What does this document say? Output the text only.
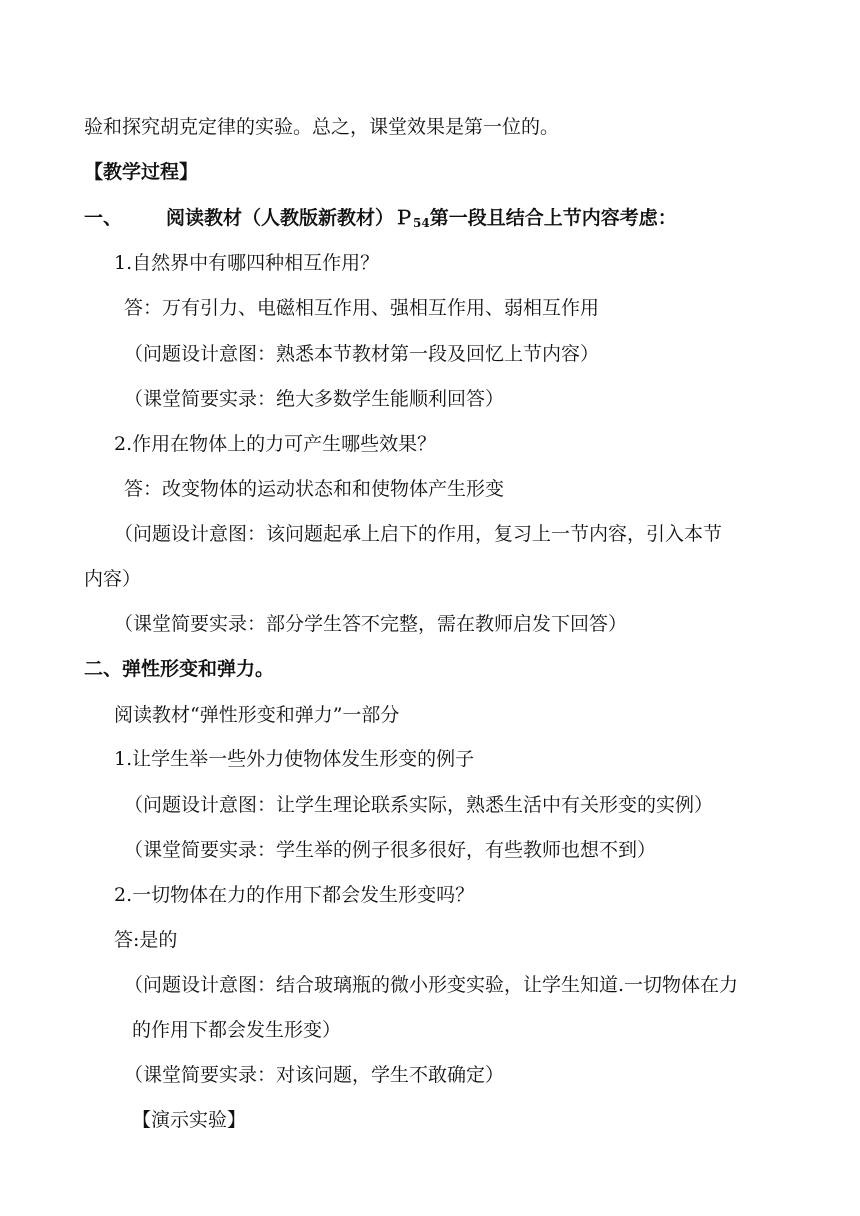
验和探究胡克定律的实验。总之，课堂效果是第一位的。
【教学过程】
一、 阅读教材（人教版新教材）Ｐ$_{54}$第一段且结合上节内容考虑：
1.自然界中有哪四种相互作用？
答：万有引力、电磁相互作用、强相互作用、弱相互作用
（问题设计意图：熟悉本节教材第一段及回忆上节内容）
（课堂简要实录：绝大多数学生能顺利回答）
2.作用在物体上的力可产生哪些效果？
答：改变物体的运动状态和和使物体产生形变
（问题设计意图：该问题起承上启下的作用，复习上一节内容，引入本节
内容）
（课堂简要实录：部分学生答不完整，需在教师启发下回答）
二、弹性形变和弹力。
阅读教材“弹性形变和弹力”一部分
1.让学生举一些外力使物体发生形变的例子
（问题设计意图：让学生理论联系实际，熟悉生活中有关形变的实例）
（课堂简要实录：学生举的例子很多很好，有些教师也想不到）
2.一切物体在力的作用下都会发生形变吗？
答:是的
（问题设计意图：结合玻璃瓶的微小形变实验，让学生知道.一切物体在力
的作用下都会发生形变）
（课堂简要实录：对该问题，学生不敢确定）
【演示实验】
